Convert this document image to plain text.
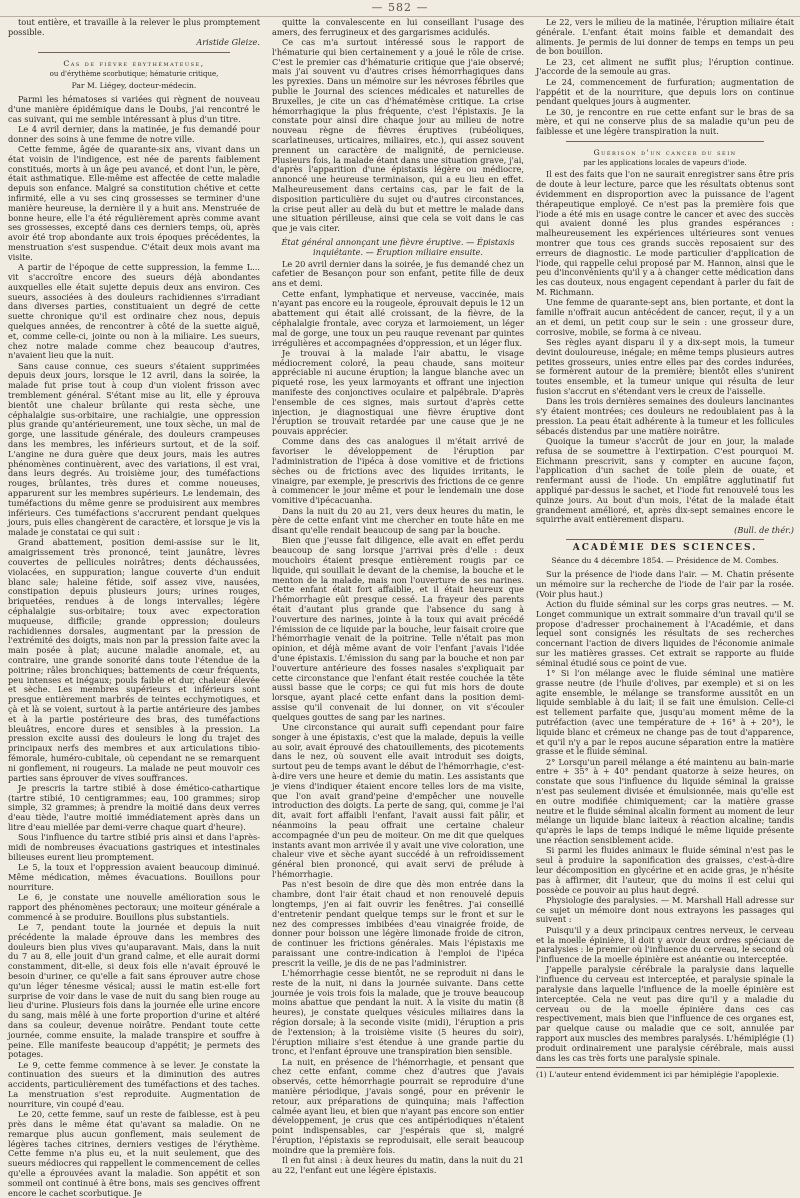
— 582 —

tout entière, et travaille à la relever le plus promptement possible.

Aristide Gleize.

Cas de fièvre érythémateuse,
ou d'érythème scorbutique; hématurie critique,
Par M. Liégey, docteur-médecin.

Parmi les hématoses si variées qui règnent de nouveau d'une manière épidémique dans le Doubs, j'ai rencontré le cas suivant, qui me semble intéressant à plus d'un titre.

Le 4 avril dernier, dans la matinée, je fus demandé pour donner des soins à une femme de notre ville.

Cette femme, âgée de quarante-six ans, vivant dans un état voisin de l'indigence, est née de parents faiblement constitués, morts à un âge peu avancé, et dont l'un, le père, était asthmatique. Elle-même est affectée de cette maladie depuis son enfance. Malgré sa constitution chétive et cette infirmité, elle a vu ses cinq grossesses se terminer d'une manière heureuse, la dernière il y a huit ans. Menstruée de bonne heure, elle l'a été régulièrement après comme avant ses grossesses, excepté dans ces derniers temps, où, après avoir été trop abondante aux trois époques précédentes, la menstruation s'est suspendue. C'était deux mois avant ma visite.

A partir de l'époque de cette suppression, la femme L... vit s'accroître encore des sueurs déjà abondantes auxquelles elle était sujette depuis deux ans environ. Ces sueurs, associées à des douleurs rachidiennes s'irradiant dans diverses parties, constituaient un degré de cette suette chronique qu'il est ordinaire chez nous, depuis quelques années, de rencontrer à côté de la suette aiguë, et, comme celle-ci, jointe ou non à la miliaire. Les sueurs, chez notre malade comme chez beaucoup d'autres, n'avaient lieu que la nuit.

Sans cause connue, ces sueurs s'étaient supprimées depuis deux jours, lorsque le 12 avril, dans la soirée, la malade fut prise tout à coup d'un violent frisson avec tremblement général. S'étant mise au lit, elle y éprouva bientôt une chaleur brûlante qui resta sèche, une céphalalgie sus-orbitaire, une rachialgie, une oppression plus grande qu'antérieurement, une toux sèche, un mal de gorge, une lassitude générale, des douleurs crampeuses dans les membres, les inférieurs surtout, et de la soif. L'angine ne dura guère que deux jours, mais les autres phénomènes continuèrent, avec des variations, il est vrai, dans leurs degrés. Au troisième jour, des tuméfactions rouges, brûlantes, très dures et comme noueuses, apparurent sur les membres supérieurs. Le lendemain, des tuméfactions du même genre se produisirent aux membres inférieurs. Ces tuméfactions s'accrurent pendant quelques jours, puis elles changèrent de caractère, et lorsque je vis la malade je constatai ce qui suit :

Grand abattement, position demi-assise sur le lit, amaigrissement très prononcé, teint jaunâtre, lèvres couvertes de pellicules noirâtres; dents déchaussées, violacées, en suppuration; langue couverte d'un enduit blanc sale; haleine fétide, soif assez vive, nausées, constipation depuis plusieurs jours; urines rouges, briquetées, rendues à de longs intervalles; légère céphalalgie sus-orbitaire; toux avec expectoration muqueuse, difficile; grande oppression; douleurs rachidiennes dorsales, augmentant par la pression de l'extrémité des doigts, mais non par la pression faite avec la main posée à plat; aucune maladie anomale, et, au contraire, une grande sonorité dans toute l'étendue de la poitrine; râles bronchiques; battements de cœur fréquents, peu intenses et inégaux; pouls faible et dur, chaleur élevée et sèche. Les membres supérieurs et inférieurs sont presque entièrement marbrés de teintes ecchymotiques, et çà et là se voient, surtout à la partie antérieure des jambes et à la partie postérieure des bras, des tuméfactions bleuâtres, encore dures et sensibles à la pression. La pression excite aussi des douleurs le long du trajet des principaux nerfs des membres et aux articulations tibio-fémorale, huméro-cubitale, où cependant ne se remarquent ni gonflement, ni rougeurs. La malade ne peut mouvoir ces parties sans éprouver de vives souffrances.

Je prescris la tartre stibié à dose émético-cathartique (tartre stibié, 10 centigrammes; eau, 100 grammes; sirop simple, 32 grammes; à prendre la moitié dans deux verres d'eau tiède, l'autre moitié immédiatement après dans un litre d'eau miellée par demi-verre chaque quart d'heure).

Sous l'influence du tartre stibié pris ainsi et dans l'après-midi de nombreuses évacuations gastriques et intestinales bilieuses eurent lieu promptement.

Le 5, la toux et l'oppression avaient beaucoup diminué. Même médication, mêmes évacuations. Bouillons pour nourriture.

Le 6, je constate une nouvelle amélioration sous le rapport des phénomènes pectoraux; une moiteur générale a commencé à se produire. Bouillons plus substantiels.

Le 7, pendant toute la journée et depuis la nuit précédente la malade éprouve dans les membres des douleurs bien plus vives qu'auparavant. Mais, dans la nuit du 7 au 8, elle jouit d'un grand calme, et elle aurait dormi constamment, dit-elle, si deux fois elle n'avait éprouvé le besoin d'uriner, ce qu'elle a fait sans éprouver autre chose qu'un léger ténesme vésical; aussi le matin est-elle fort surprise de voir dans le vase de nuit du sang bien rouge au lieu d'urine. Plusieurs fois dans la journée elle urine encore du sang, mais mêlé à une forte proportion d'urine et altéré dans sa couleur, devenue noirâtre. Pendant toute cette journée, comme ensuite, la malade transpire et souffre à peine. Elle manifeste beaucoup d'appétit; je permets des potages.

Le 9, cette femme commence à se lever. Je constate la continuation des sueurs et la diminution des autres accidents, particulièrement des tuméfactions et des taches. La menstruation s'est reproduite. Augmentation de nourriture, vin coupé d'eau.

Le 20, cette femme, sauf un reste de faiblesse, est à peu près dans le même état qu'avant sa maladie. On ne remarque plus aucun gonflement, mais seulement de légères taches citrines, derniers vestiges de l'érythème. Cette femme n'a plus eu, et la nuit seulement, que des sueurs médiocres qui rappellent le commencement de celles qu'elle a éprouvées avant la maladie. Son appétit et son sommeil ont continué à être bons, mais ses gencives offrent encore le cachet scorbutique. Je

quitte la convalescente en lui conseillant l'usage des amers, des ferrugineux et des gargarismes acidulés.

Ce cas m'a surtout intéressé sous le rapport de l'hématurie qui bien certainement y a joué le rôle de crise. C'est le premier cas d'hématurie critique que j'aie observé; mais j'ai souvent vu d'autres crises hémorrhagiques dans les pyrexies. Dans un mémoire sur les névroses fébriles que publie le Journal des sciences médicales et naturelles de Bruxelles, je cite un cas d'hématémèse critique. La crise hémorrhagique la plus fréquente, c'est l'épistaxis. Je la constate pour ainsi dire chaque jour au milieu de notre nouveau règne de fièvres éruptives (rubéoliques, scarlatineuses, urticaires, miliaires, etc.), qui assez souvent prennent un caractère de malignité, de pernicieuse. Plusieurs fois, la malade étant dans une situation grave, j'ai, d'après l'apparition d'une épistaxis légère ou médiocre, annoncé une heureuse terminaison, qui a eu lieu en effet. Malheureusement dans certains cas, par le fait de la disposition particulière du sujet ou d'autres circonstances, la crise peut aller au delà du but et mettre le malade dans une situation périlleuse, ainsi que cela se voit dans le cas que je vais citer.

État général annonçant une fièvre éruptive. — Épistaxis inquiétante. — Éruption miliaire ensuite.

Le 20 avril dernier dans la soirée, je fus demandé chez un cafetier de Besançon pour son enfant, petite fille de deux ans et demi.

Cette enfant, lymphatique et nerveuse, vaccinée, mais n'ayant pas encore eu la rougeole, éprouvait depuis le 12 un abattement qui était allé croissant, de la fièvre, de la céphalalgie frontale, avec coryza et larmoiement, un léger mal de gorge, une toux un peu rauque revenant par quintes irrégulières et accompagnées d'oppression, et un léger flux.

Je trouvai à la malade l'air abattu, le visage médiocrement coloré, la peau chaude, sans moiteur appréciable ni aucune éruption; la langue blanche avec un piqueté rose, les yeux larmoyants et offrant une injection manifeste des conjonctives oculaire et palpébrale. D'après l'ensemble de ces signes, mais surtout d'après cette injection, je diagnostiquai une fièvre éruptive dont l'éruption se trouvait retardée par une cause que je ne pouvais apprécier.

Comme dans des cas analogues il m'était arrivé de favoriser le développement de l'éruption par l'administration de l'ipéca à dose vomitive et de frictions sèches ou de frictions avec des liquides irritants, le vinaigre, par exemple, je prescrivis des frictions de ce genre à commencer le jour même et pour le lendemain une dose vomitive d'ipécacuanha.

Dans la nuit du 20 au 21, vers deux heures du matin, le père de cette enfant vint me chercher en toute hâte en me disant qu'elle rendait beaucoup de sang par la bouche.

Bien que j'eusse fait diligence, elle avait en effet perdu beaucoup de sang lorsque j'arrivai près d'elle : deux mouchoirs étaient presque entièrement rougis par ce liquide, qui souillait le devant de la chemise, la bouche et le menton de la malade, mais non l'ouverture de ses narines. Cette enfant était fort affaiblie, et il était heureux que l'hémorrhagie eût presque cessé. La frayeur des parents était d'autant plus grande que l'absence du sang à l'ouverture des narines, jointe à la toux qui avait précédé l'émission de ce liquide par la bouche, leur faisait croire que l'hémorrhagie venait de la poitrine. Telle n'était pas mon opinion, et déjà même avant de voir l'enfant j'avais l'idée d'une épistaxis. L'émission du sang par la bouche et non par l'ouverture antérieure des fosses nasales s'expliquait par cette circonstance que l'enfant était restée couchée la tête aussi basse que le corps; ce qui fut mis hors de doute lorsque, ayant placé cette enfant dans la position demi-assise qu'il convenait de lui donner, on vit s'écouler quelques gouttes de sang par les narines.

Une circonstance qui aurait suffi cependant pour faire songer à une épistaxis, c'est que la malade, depuis la veille au soir, avait éprouvé des chatouillements, des picotements dans le nez, où souvent elle avait introduit ses doigts, surtout peu de temps avant le début de l'hémorrhagie, c'est-à-dire vers une heure et demie du matin. Les assistants que je viens d'indiquer étaient encore telles lors de ma visite, que l'on avait grand'peine d'empêcher une nouvelle introduction des doigts. La perte de sang, qui, comme je l'ai dit, avait fort affaibli l'enfant, l'avait aussi fait pâlir, et néanmoins la peau offrait une certaine chaleur accompagnée d'un peu de moiteur. On me dit que quelques instants avant mon arrivée il y avait une vive coloration, une chaleur vive et sèche ayant succédé à un refroidissement général bien prononcé, qui avait servi de prélude à l'hémorrhagie.

Pas n'est besoin de dire que dès mon entrée dans la chambre, dont l'air était chaud et non renouvelé depuis longtemps, j'en ai fait ouvrir les fenêtres. J'ai conseillé d'entretenir pendant quelque temps sur le front et sur le nez des compresses imbibées d'eau vinaigrée froide, de donner pour boisson une légère limonade froide de citron, de continuer les frictions générales. Mais l'épistaxis me paraissant une contre-indication à l'emploi de l'ipéca prescrit la veille, je dis de ne pas l'administrer.

L'hémorrhagie cesse bientôt, ne se reproduit ni dans le reste de la nuit, ni dans la journée suivante. Dans cette journée je vois trois fois la malade, que je trouve beaucoup moins abattue que pendant la nuit. A la visite du matin (8 heures), je constate quelques vésicules miliaires dans la région dorsale; à la seconde visite (midi), l'éruption a pris de l'extension; à la troisième visite (5 heures du soir), l'éruption miliaire s'est étendue à une grande partie du tronc, et l'enfant éprouve une transpiration bien sensible.

La nuit, en présence de l'hémorrhagie, et pensant que chez cette enfant, comme chez d'autres que j'avais observés, cette hémorrhagie pourrait se reproduire d'une manière périodique, j'avais songé, pour en prévenir le retour, aux préparations de quinquina; mais l'affection calmée ayant lieu, et bien que n'ayant pas encore son entier développement, je crus que ces antipériodiques n'étaient point indispensables, car j'espérais que si, malgré l'éruption, l'épistaxis se reproduisait, elle serait beaucoup moindre que la première fois.

Il en fut ainsi : à deux heures du matin, dans la nuit du 21 au 22, l'enfant eut une légère épistaxis.

Le 22, vers le milieu de la matinée, l'éruption miliaire était générale. L'enfant était moins faible et demandait des aliments. Je permis de lui donner de temps en temps un peu de bon bouillon.

Le 23, cet aliment ne suffit plus; l'éruption continue. J'accorde de la semoule au gras.

Le 24, commencement de furfuration; augmentation de l'appétit et de la nourriture, que depuis lors on continue pendant quelques jours à augmenter.

Le 30, je rencontre en rue cette enfant sur le bras de sa mère, et qui ne conserve plus de sa maladie qu'un peu de faiblesse et une légère transpiration la nuit.

Guérison d'un cancer du sein
par les applications locales de vapeurs d'iode.

Il est des faits que l'on ne saurait enregistrer sans être pris de doute à leur lecture, parce que les résultats obtenus sont évidemment en disproportion avec la puissance de l'agent thérapeutique employé. Ce n'est pas la première fois que l'iode a été mis en usage contre le cancer et avec des succès qui avaient donné les plus grandes espérances : malheureusement les expériences ultérieures sont venues montrer que tous ces grands succès reposaient sur des erreurs de diagnostic. Le mode particulier d'application de l'iode, qui rappelle celui proposé par M. Hannon, ainsi que le peu d'inconvénients qu'il y a à changer cette médication dans les cas douteux, nous engagent cependant à parler du fait de M. Richmann.

Une femme de quarante-sept ans, bien portante, et dont la famille n'offrait aucun antécédent de cancer, reçut, il y a un an et demi, un petit coup sur le sein : une grosseur dure, corrosive, mobile, se forma à ce niveau.

Ses règles ayant disparu il y a dix-sept mois, la tumeur devint douloureuse, inégale; en même temps plusieurs autres petites grosseurs, unies entre elles par des cordes indurées, se formèrent autour de la première; bientôt elles s'unirent toutes ensemble, et la tumeur unique qui résulta de leur fusion s'accrut en s'étendant vers le creux de l'aisselle.

Dans les trois dernières semaines des douleurs lancinantes s'y étaient montrées; ces douleurs ne redoublaient pas à la pression. La peau était adhérente à la tumeur et les follicules sébacés distendus par une matière noirâtre.

Quoique la tumeur s'accrût de jour en jour, la malade refusa de se soumettre à l'extirpation. C'est pourquoi M. Eichmann prescrivit, sans y compter en aucune façon, l'application d'un sachet de toile plein de ouate, et renfermant aussi de l'iode. Un emplâtre agglutinatif fut appliqué par-dessus le sachet, et l'iode fut renouvelé tous les quinze jours. Au bout d'un mois, l'état de la malade était grandement amélioré, et, après dix-sept semaines encore le squirrhe avait entièrement disparu.

(Bull. de thér.)

ACADÉMIE DES SCIENCES.
Séance du 4 décembre 1854. — Présidence de M. Combes.

Sur la présence de l'iode dans l'air. — M. Chatin présente un mémoire sur la recherche de l'iode de l'air par la rosée. (Voir plus haut.)

Action du fluide séminal sur les corps gras neutres. — M. Longet communique un extrait sommaire d'un travail qu'il se propose d'adresser prochainement à l'Académie, et dans lequel sont consignés les résultats de ses recherches concernant l'action de divers liquides de l'économie animale sur les matières grasses. Cet extrait se rapporte au fluide séminal étudié sous ce point de vue.

1° Si l'on mélange avec le fluide séminal une matière grasse neutre (de l'huile d'olives, par exemple) et si on les agite ensemble, le mélange se transforme aussitôt en un liquide semblable à du lait; il se fait une émulsion. Celle-ci est tellement parfaite que, jusqu'au moment même de la putréfaction (avec une température de + 16° à + 20°), le liquide blanc et crémeux ne change pas de tout d'apparence, et qu'il n'y a par le repos aucune séparation entre la matière grasse et le fluide séminal.

2° Lorsqu'un pareil mélange a été maintenu au bain-marie entre + 35° à + 40° pendant quatorze à seize heures, on constate que sous l'influence du liquide séminal la graisse n'est pas seulement divisée et émulsionnée, mais qu'elle est en outre modifiée chimiquement; car la matière grasse neutre et le fluide séminal alcalin forment au moment de leur mélange un liquide blanc laiteux à réaction alcaline; tandis qu'après le laps de temps indiqué le même liquide présente une réaction sensiblement acide.

Si parmi les fluides animaux le fluide séminal n'est pas le seul à produire la saponification des graisses, c'est-à-dire leur décomposition en glycérine et en acide gras, je n'hésite pas à affirmer, dit l'auteur, que du moins il est celui qui possède ce pouvoir au plus haut degré.

Physiologie des paralysies. — M. Marshall Hall adresse sur ce sujet un mémoire dont nous extrayons les passages qui suivent :

Puisqu'il y a deux principaux centres nerveux, le cerveau et la moelle épinière, il doit y avoir deux ordres spéciaux de paralysies : le premier où l'influence du cerveau, le second où l'influence de la moelle épinière est anéantie ou interceptée.

J'appelle paralysie cérébrale la paralysie dans laquelle l'influence du cerveau est interceptée, et paralysie spinale la paralysie dans laquelle l'influence de la moelle épinière est interceptée. Cela ne veut pas dire qu'il y a maladie du cerveau ou de la moelle épinière dans ces cas respectivement, mais bien que l'influence de ces organes est, par quelque cause ou maladie que ce soit, annulée par rapport aux muscles des membres paralysés. L'hémiplégie (1) produit ordinairement une paralysie cérébrale, mais aussi dans les cas très forts une paralysie spinale.

(1) L'auteur entend évidemment ici par hémiplégie l'apoplexie.
